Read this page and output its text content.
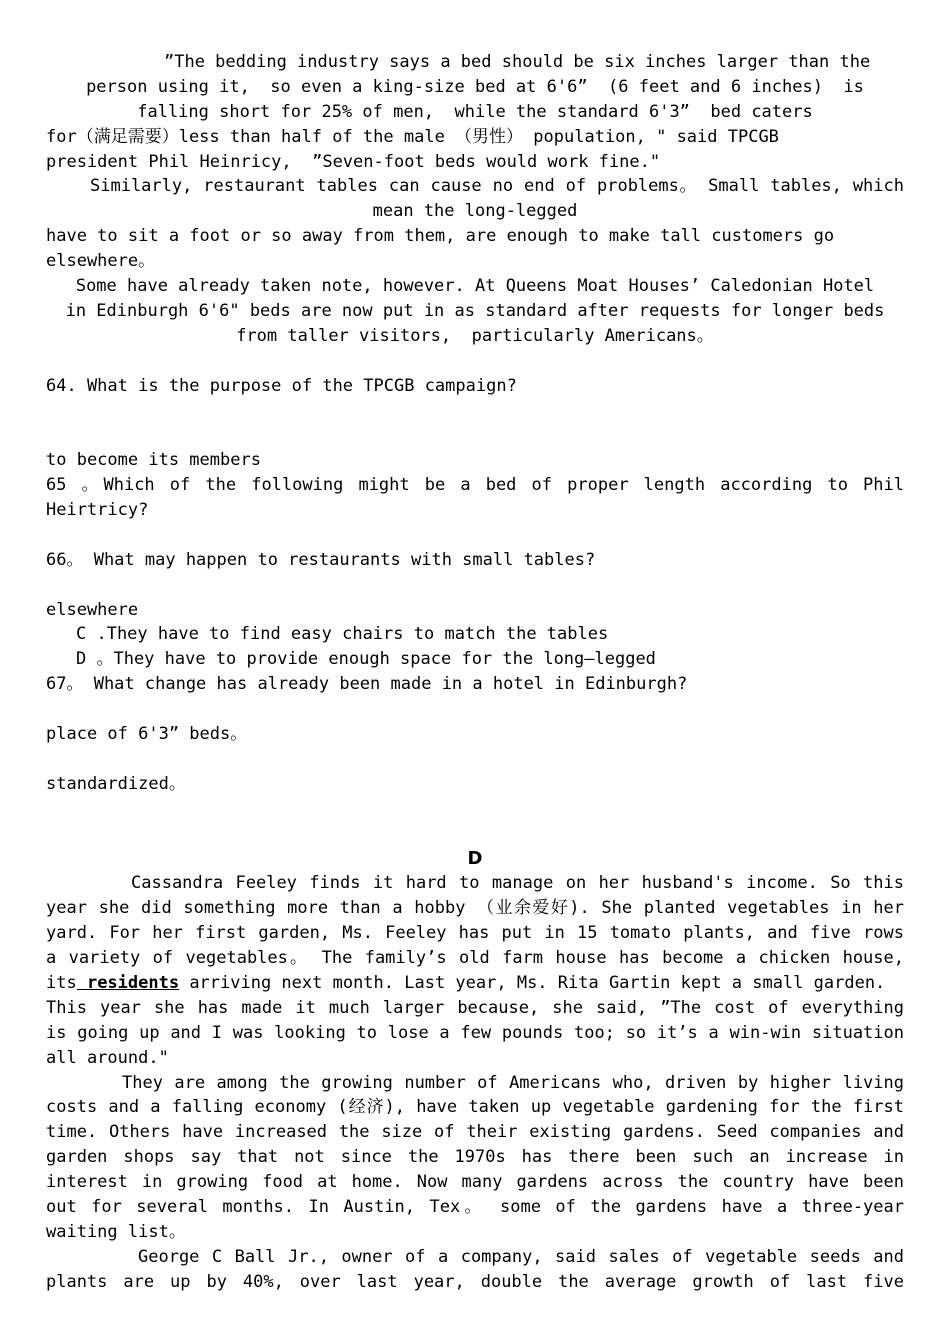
”The bedding industry says a bed should be six inches larger than the
person using it,  so even a king-size bed at 6'6”  (6 feet and 6 inches)  is
falling short for 25% of men,  while the standard 6'3”  bed caters
for（满足需要）less than half of the male （男性） population, " said TPCGB
president Phil Heinricy,  ”Seven-foot beds would work fine."
Similarly, restaurant tables can cause no end of problems。 Small tables, which
mean the long-legged
have to sit a foot or so away from them, are enough to make tall customers go
elsewhere。
Some have already taken note, however. At Queens Moat Houses’ Caledonian Hotel
in Edinburgh 6'6" beds are now put in as standard after requests for longer beds
from taller visitors,  particularly Americans。
64. What is the purpose of the TPCGB campaign?

to become its members
65 。Which of the following might be a bed of proper length according to Phil
Heirtricy?

66。 What may happen to restaurants with small tables?

elsewhere
C .They have to find easy chairs to match the tables
D 。They have to provide enough space for the long—legged
67。 What change has already been made in a hotel in Edinburgh?

place of 6'3” beds。

standardized。
D
Cassandra Feeley finds it hard to manage on her husband's income. So this
year she did something more than a hobby （业余爱好). She planted vegetables in her
yard. For her first garden, Ms. Feeley has put in 15 tomato plants, and five rows
a variety of vegetables。 The family’s old farm house has become a chicken house,
its residents arriving next month. Last year, Ms. Rita Gartin kept a small garden.
This year she has made it much larger because, she said, ”The cost of everything
is going up and I was looking to lose a few pounds too; so it’s a win-win situation
all around."
They are among the growing number of Americans who, driven by higher living
costs and a falling economy (经济), have taken up vegetable gardening for the first
time. Others have increased the size of their existing gardens. Seed companies and
garden shops say that not since the 1970s has there been such an increase in
interest in growing food at home. Now many gardens across the country have been
out for several months. In Austin, Tex。 some of the gardens have a three-year
waiting list。
George C Ball Jr., owner of a company, said sales of vegetable seeds and
plants are up by 40%, over last year, double the average growth of last five
